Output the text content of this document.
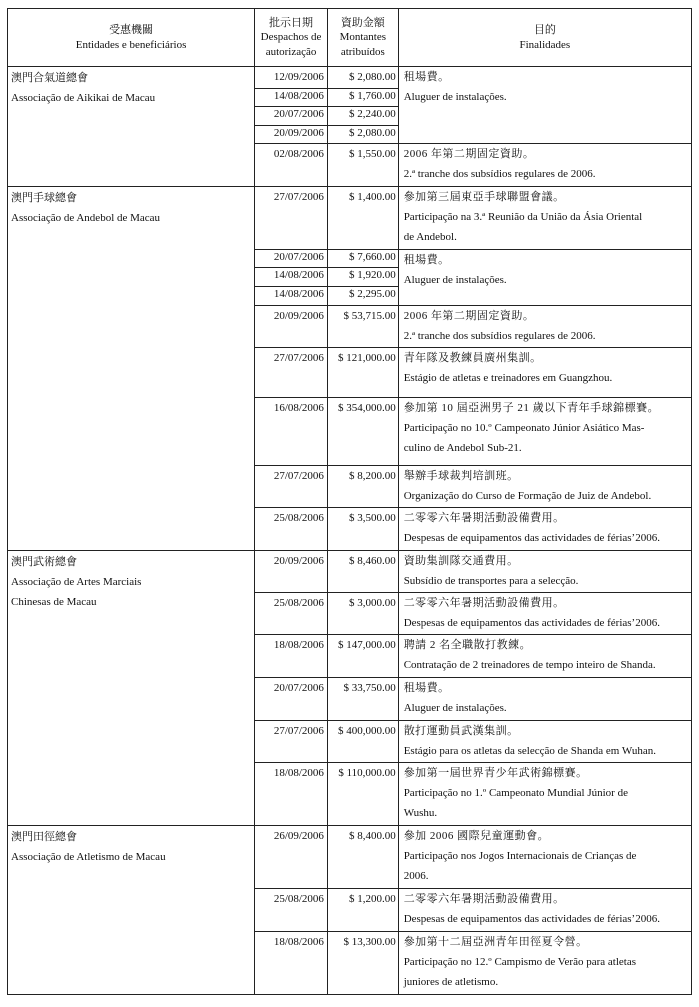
受惠機關
Entidades e beneficiários	批示日期
Despachos de
autorização	資助金額
Montantes
atribuídos	目的
Finalidades

澳門合氣道總會
Associação de Aikikai de Macau	12/09/2006	$ 2,080.00	租場費。
Aluguer de instalações.

	14/08/2006	$ 1,760.00	
	20/07/2006	$ 2,240.00	
	20/09/2006	$ 2,080.00	
	02/08/2006	$ 1,550.00	2006 年第二期固定資助。
2.ª tranche dos subsídios regulares de 2006.

澳門手球總會
Associação de Andebol de Macau	27/07/2006	$ 1,400.00	參加第三屆東亞手球聯盟會議。
Participação na 3.ª Reunião da União da Ásia Oriental
de Andebol.

	20/07/2006	$ 7,660.00	租場費。
Aluguer de instalações.

	14/08/2006	$ 1,920.00	
	14/08/2006	$ 2,295.00	
	20/09/2006	$ 53,715.00	2006 年第二期固定資助。
2.ª tranche dos subsídios regulares de 2006.

	27/07/2006	$ 121,000.00	青年隊及教練員廣州集訓。
Estágio de atletas e treinadores em Guangzhou.

	16/08/2006	$ 354,000.00	參加第 10 屆亞洲男子 21 歲以下青年手球錦標賽。
Participação no 10.º Campeonato Júnior Asiático Mas-
culino de Andebol Sub-21.

	27/07/2006	$ 8,200.00	舉辦手球裁判培訓班。
Organização do Curso de Formação de Juiz de Andebol.

	25/08/2006	$ 3,500.00	二零零六年暑期活動設備費用。
Despesas de equipamentos das actividades de férias’2006.

澳門武術總會
Associação de Artes Marciais
Chinesas de Macau	20/09/2006	$ 8,460.00	資助集訓隊交通費用。
Subsídio de transportes para a selecção.

	25/08/2006	$ 3,000.00	二零零六年暑期活動設備費用。
Despesas de equipamentos das actividades de férias’2006.

	18/08/2006	$ 147,000.00	聘請 2 名全職散打教練。
Contratação de 2 treinadores de tempo inteiro de Shanda.

	20/07/2006	$ 33,750.00	租場費。
Aluguer de instalações.

	27/07/2006	$ 400,000.00	散打運動員武漢集訓。
Estágio para os atletas da selecção de Shanda em Wuhan.

	18/08/2006	$ 110,000.00	參加第一屆世界青少年武術錦標賽。
Participação no 1.º Campeonato Mundial Júnior de
Wushu.

澳門田徑總會
Associação de Atletismo de Macau	26/09/2006	$ 8,400.00	參加 2006 國際兒童運動會。
Participação nos Jogos Internacionais de Crianças de
2006.

	25/08/2006	$ 1,200.00	二零零六年暑期活動設備費用。
Despesas de equipamentos das actividades de férias’2006.

	18/08/2006	$ 13,300.00	參加第十二屆亞洲青年田徑夏令營。
Participação no 12.º Campismo de Verão para atletas
juniores de atletismo.
